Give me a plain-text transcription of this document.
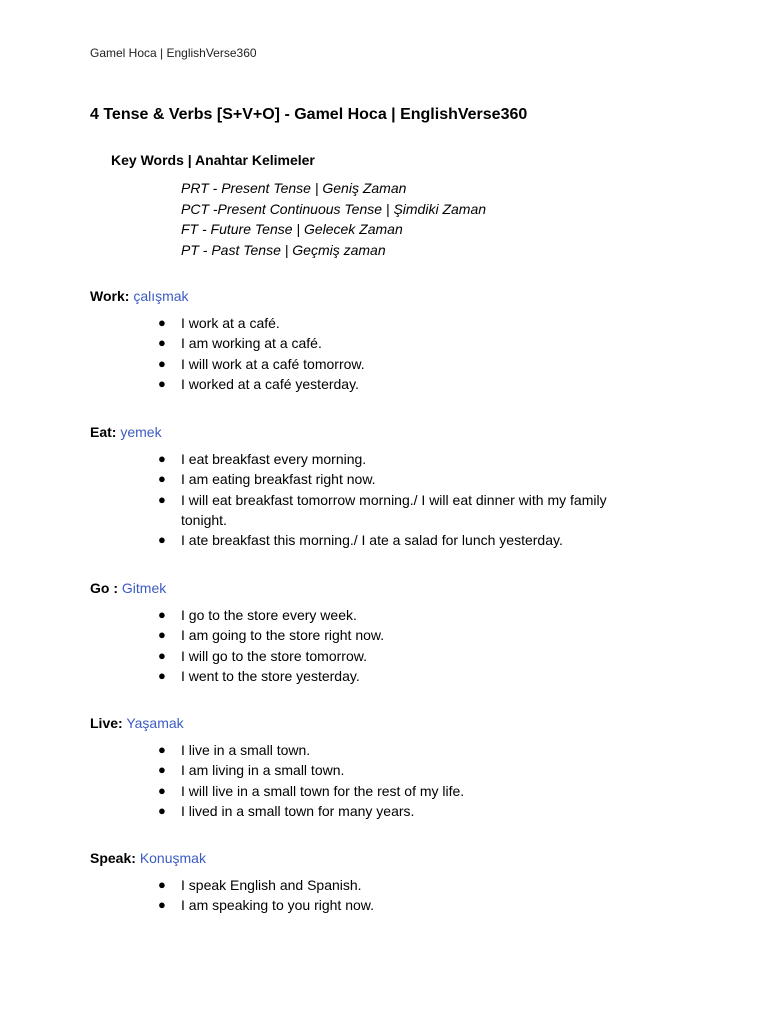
Gamel Hoca | EnglishVerse360
4 Tense & Verbs [S+V+O] - Gamel Hoca | EnglishVerse360
Key Words | Anahtar Kelimeler
PRT - Present Tense | Geniş Zaman
PCT -Present Continuous Tense | Şimdiki Zaman
FT - Future Tense | Gelecek Zaman
PT - Past Tense | Geçmiş zaman
Work: çalışmak
● I work at a café.
● I am working at a café.
● I will work at a café tomorrow.
● I worked at a café yesterday.
Eat: yemek
● I eat breakfast every morning.
● I am eating breakfast right now.
● I will eat breakfast tomorrow morning./ I will eat dinner with my family tonight.
● I ate breakfast this morning./ I ate a salad for lunch yesterday.
Go : Gitmek
● I go to the store every week.
● I am going to the store right now.
● I will go to the store tomorrow.
● I went to the store yesterday.
Live: Yaşamak
● I live in a small town.
● I am living in a small town.
● I will live in a small town for the rest of my life.
● I lived in a small town for many years.
Speak: Konuşmak
● I speak English and Spanish.
● I am speaking to you right now.
